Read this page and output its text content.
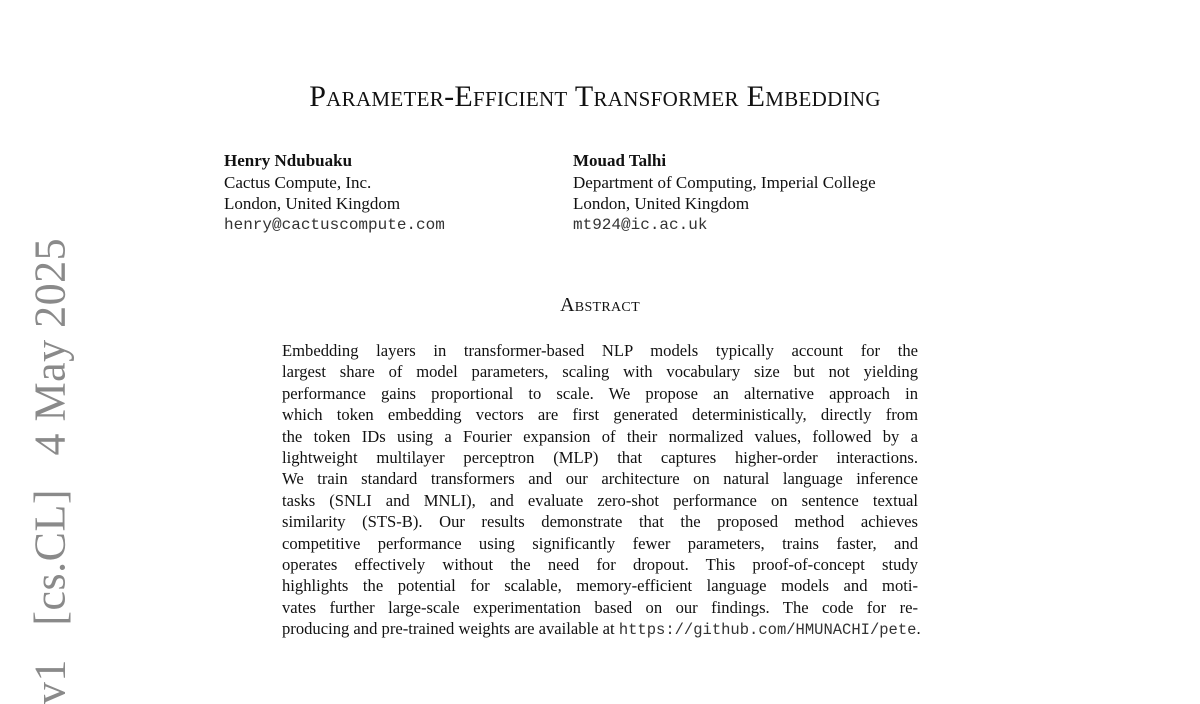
v1 [cs.CL] 4 May 2025
Parameter-Efficient Transformer Embedding
Henry Ndubuaku
Cactus Compute, Inc.
London, United Kingdom
henry@cactuscompute.com
Mouad Talhi
Department of Computing, Imperial College
London, United Kingdom
mt924@ic.ac.uk
Abstract
Embedding layers in transformer-based NLP models typically account for the
largest share of model parameters, scaling with vocabulary size but not yielding
performance gains proportional to scale. We propose an alternative approach in
which token embedding vectors are first generated deterministically, directly from
the token IDs using a Fourier expansion of their normalized values, followed by a
lightweight multilayer perceptron (MLP) that captures higher-order interactions.
We train standard transformers and our architecture on natural language inference
tasks (SNLI and MNLI), and evaluate zero-shot performance on sentence textual
similarity (STS-B). Our results demonstrate that the proposed method achieves
competitive performance using significantly fewer parameters, trains faster, and
operates effectively without the need for dropout. This proof-of-concept study
highlights the potential for scalable, memory-efficient language models and moti-
vates further large-scale experimentation based on our findings. The code for re-
producing and pre-trained weights are available at https://github.com/HMUNACHI/pete.
